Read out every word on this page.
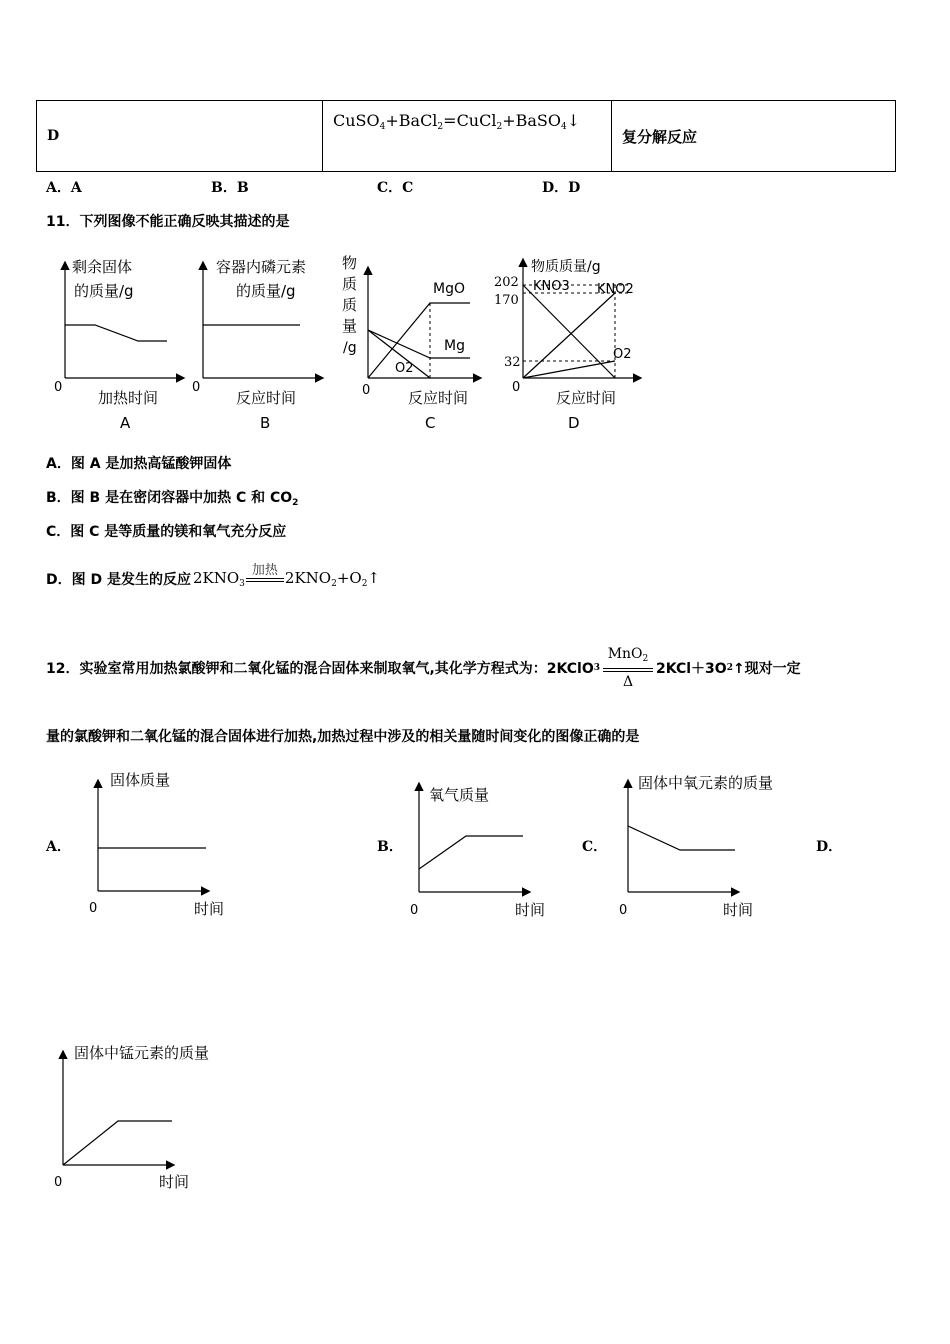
D	CuSO$_4$+BaCl$_2$=CuCl$_2$+BaSO$_4$↓	复分解反应
A．A	B．B	C．C	D．D
11．下列图像不能正确反映其描述的是
剩余固体
的质量/g
0
加热时间
A
容器内磷元素
的质量/g
0
反应时间
B
物
质
质
量
/g
MgO
Mg
O2
0	反应时间
C
物质质量/g
202
170
32
KNO3 KNO2
O2
0
反应时间
D
A．图 A 是加热高锰酸钾固体
B．图 B 是在密闭容器中加热 C 和 $CO_2$
C．图 C 是等质量的镁和氧气充分反应
D．图 D 是发生的反应 $2KNO_3$
加热 $2KNO_2+O_2↑$
12．实验室常用加热氯酸钾和二氧化锰的混合固体来制取氧气,其化学方程式为：2KClO $3 \frac{MnO_2}{\Delta} 2KCl+3O$ 2 ↑现对一定
量的氯酸钾和二氧化锰的混合固体进行加热,加热过程中涉及的相关量随时间变化的图像正确的是
A．
固体质量
0	时间
B．
氧气质量
0	时间
C．
固体中氧元素的质量
0	时间
D．
固体中锰元素的质量
0	时间
